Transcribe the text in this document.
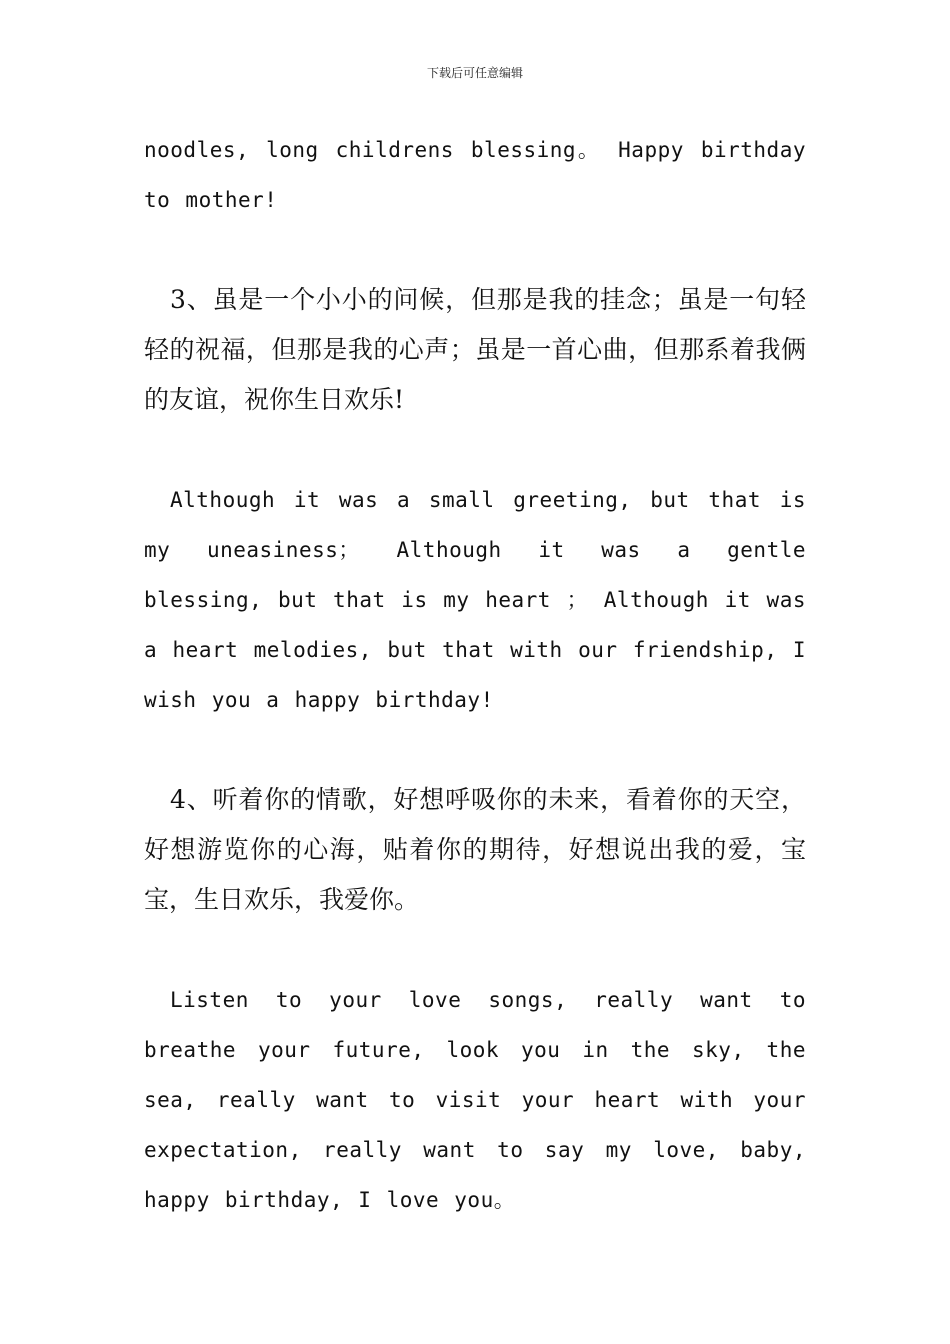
下载后可任意编辑

noodles, long childrens blessing。 Happy birthday to mother!

3、虽是一个小小的问候，但那是我的挂念；虽是一句轻轻的祝福，但那是我的心声；虽是一首心曲，但那系着我俩的友谊，祝你生日欢乐!

Although it was a small greeting, but that is my uneasiness； Although it was a gentle blessing, but that is my heart ； Although it was a heart melodies, but that with our friendship, I wish you a happy birthday!

4、听着你的情歌，好想呼吸你的未来，看着你的天空，好想游览你的心海，贴着你的期待，好想说出我的爱，宝宝，生日欢乐，我爱你。

Listen to your love songs, really want to breathe your future, look you in the sky, the sea, really want to visit your heart with your expectation, really want to say my love, baby, happy birthday, I love you。
